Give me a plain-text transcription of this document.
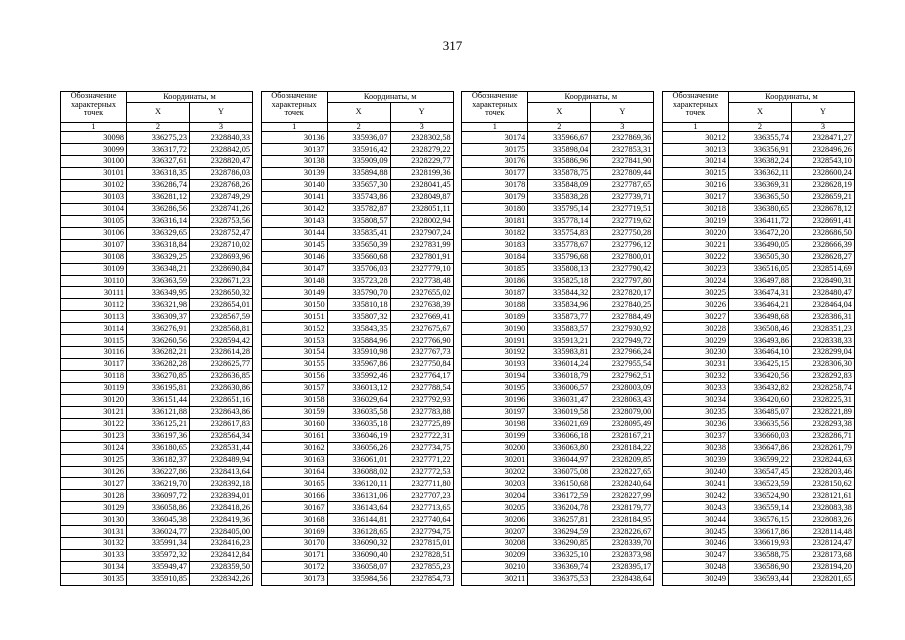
317
Обозначение
характерных
точек	Координаты, м	
	X	Y
1	2	3
30098	336275,23	2328840,33
30099	336317,72	2328842,05
30100	336327,61	2328820,47
30101	336318,35	2328786,03
30102	336286,74	2328768,26
30103	336281,12	2328749,29
30104	336286,56	2328741,26
30105	336316,14	2328753,56
30106	336329,65	2328752,47
30107	336318,84	2328710,02
30108	336329,25	2328693,96
30109	336348,21	2328690,84
30110	336363,59	2328671,23
30111	336349,95	2328650,32
30112	336321,98	2328654,01
30113	336309,37	2328567,59
30114	336276,91	2328568,81
30115	336260,56	2328594,42
30116	336282,21	2328614,28
30117	336282,28	2328625,77
30118	336270,85	2328636,85
30119	336195,81	2328630,86
30120	336151,44	2328651,16
30121	336121,88	2328643,86
30122	336125,21	2328617,83
30123	336197,36	2328564,34
30124	336180,65	2328531,44
30125	336182,37	2328489,94
30126	336227,86	2328413,64
30127	336219,70	2328392,18
30128	336097,72	2328394,01
30129	336058,86	2328418,26
30130	336045,38	2328419,36
30131	336024,77	2328405,00
30132	335991,34	2328416,23
30133	335972,32	2328412,84
30134	335949,47	2328359,50
30135	335910,85	2328342,26
Обозначение
характерных
точек	Координаты, м	
	X	Y
1	2	3
30136	335936,07	2328302,58
30137	335916,42	2328279,22
30138	335909,09	2328229,77
30139	335894,88	2328199,36
30140	335657,30	2328041,45
30141	335743,86	2328049,87
30142	335782,87	2328051,11
30143	335808,57	2328002,94
30144	335835,41	2327907,24
30145	335650,39	2327831,99
30146	335660,68	2327801,91
30147	335706,03	2327779,10
30148	335723,28	2327738,48
30149	335790,70	2327655,02
30150	335810,18	2327638,39
30151	335807,32	2327669,41
30152	335843,35	2327675,67
30153	335884,96	2327766,90
30154	335910,98	2327767,73
30155	335967,86	2327750,84
30156	335992,46	2327764,17
30157	336013,12	2327788,54
30158	336029,64	2327792,93
30159	336035,58	2327783,88
30160	336035,18	2327725,89
30161	336046,19	2327722,31
30162	336056,26	2327734,75
30163	336061,01	2327771,22
30164	336088,02	2327772,53
30165	336120,11	2327711,80
30166	336131,06	2327707,23
30167	336143,64	2327713,65
30168	336144,81	2327740,64
30169	336128,65	2327794,75
30170	336090,32	2327815,01
30171	336090,40	2327828,51
30172	336058,07	2327855,23
30173	335984,56	2327854,73
Обозначение
характерных
точек	Координаты, м	
	X	Y
1	2	3
30174	335966,67	2327869,36
30175	335898,04	2327853,31
30176	335886,96	2327841,90
30177	335878,75	2327809,44
30178	335848,09	2327787,65
30179	335838,28	2327739,71
30180	335795,14	2327719,51
30181	335778,14	2327719,62
30182	335754,83	2327750,28
30183	335778,67	2327796,12
30184	335796,68	2327800,01
30185	335808,13	2327790,42
30186	335825,18	2327797,80
30187	335844,32	2327820,17
30188	335834,96	2327840,25
30189	335873,77	2327884,49
30190	335883,57	2327930,92
30191	335913,21	2327949,72
30192	335983,81	2327966,24
30193	336014,24	2327955,54
30194	336018,79	2327962,51
30195	336006,57	2328003,09
30196	336031,47	2328063,43
30197	336019,58	2328079,00
30198	336021,69	2328095,49
30199	336066,18	2328167,21
30200	336063,80	2328184,22
30201	336044,97	2328209,85
30202	336075,08	2328227,65
30203	336150,68	2328240,64
30204	336172,59	2328227,99
30205	336204,78	2328179,77
30206	336257,81	2328184,95
30207	336294,59	2328226,67
30208	336290,85	2328339,70
30209	336325,10	2328373,98
30210	336369,74	2328395,17
30211	336375,53	2328438,64
Обозначение
характерных
точек	Координаты, м	
	X	Y
1	2	3
30212	336355,74	2328471,27
30213	336356,91	2328496,26
30214	336382,24	2328543,10
30215	336362,11	2328600,24
30216	336369,31	2328628,19
30217	336365,50	2328659,21
30218	336380,65	2328678,12
30219	336411,72	2328691,41
30220	336472,20	2328686,50
30221	336490,05	2328666,39
30222	336505,30	2328628,27
30223	336516,05	2328514,69
30224	336497,88	2328490,31
30225	336474,31	2328480,47
30226	336464,21	2328464,04
30227	336498,68	2328386,31
30228	336508,46	2328351,23
30229	336493,86	2328338,33
30230	336464,10	2328299,04
30231	336425,15	2328306,30
30232	336420,56	2328292,83
30233	336432,82	2328258,74
30234	336420,60	2328225,31
30235	336485,07	2328221,89
30236	336635,56	2328293,38
30237	336660,03	2328286,71
30238	336647,86	2328261,79
30239	336599,22	2328244,63
30240	336547,45	2328203,46
30241	336523,59	2328150,62
30242	336524,90	2328121,61
30243	336559,14	2328083,38
30244	336576,15	2328083,26
30245	336617,86	2328114,48
30246	336619,93	2328124,47
30247	336588,75	2328173,68
30248	336586,90	2328194,20
30249	336593,44	2328201,65
